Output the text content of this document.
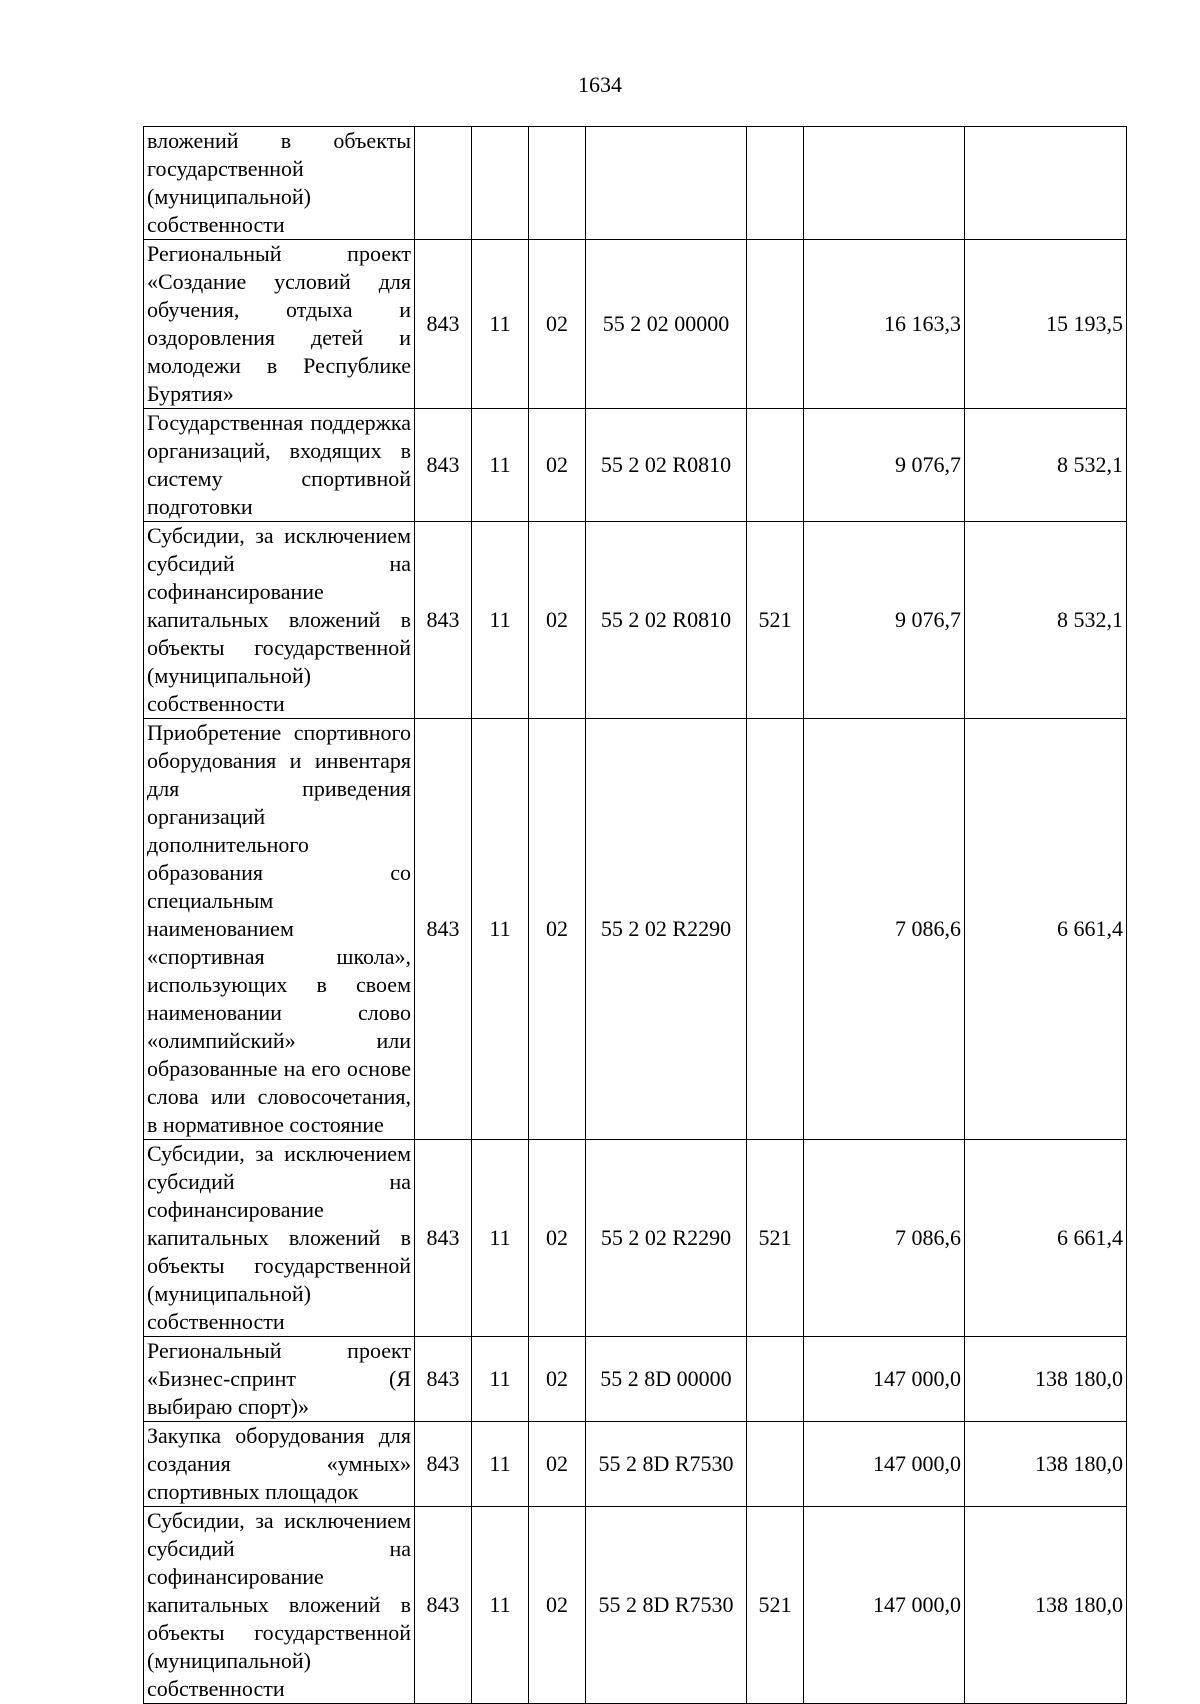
1634
вложений в объекты государственной (муниципальной) собственности							
Региональный проект «Создание условий для обучения, отдыха и оздоровления детей и молодежи в Республике Бурятия»	843	11	02	55 2 02 00000		16 163,3	15 193,5
Государственная поддержка организаций, входящих в систему спортивной подготовки	843	11	02	55 2 02 R0810		9 076,7	8 532,1
Субсидии, за исключением субсидий на софинансирование капитальных вложений в объекты государственной (муниципальной) собственности	843	11	02	55 2 02 R0810	521	9 076,7	8 532,1
Приобретение спортивного оборудования и инвентаря для приведения организаций дополнительного образования со специальным наименованием «спортивная школа», использующих в своем наименовании слово «олимпийский» или образованные на его основе слова или словосочетания, в нормативное состояние	843	11	02	55 2 02 R2290		7 086,6	6 661,4
Субсидии, за исключением субсидий на софинансирование капитальных вложений в объекты государственной (муниципальной) собственности	843	11	02	55 2 02 R2290	521	7 086,6	6 661,4
Региональный проект «Бизнес-спринт (Я выбираю спорт)»	843	11	02	55 2 8D 00000		147 000,0	138 180,0
Закупка оборудования для создания «умных» спортивных площадок	843	11	02	55 2 8D R7530		147 000,0	138 180,0
Субсидии, за исключением субсидий на софинансирование капитальных вложений в объекты государственной (муниципальной) собственности	843	11	02	55 2 8D R7530	521	147 000,0	138 180,0
